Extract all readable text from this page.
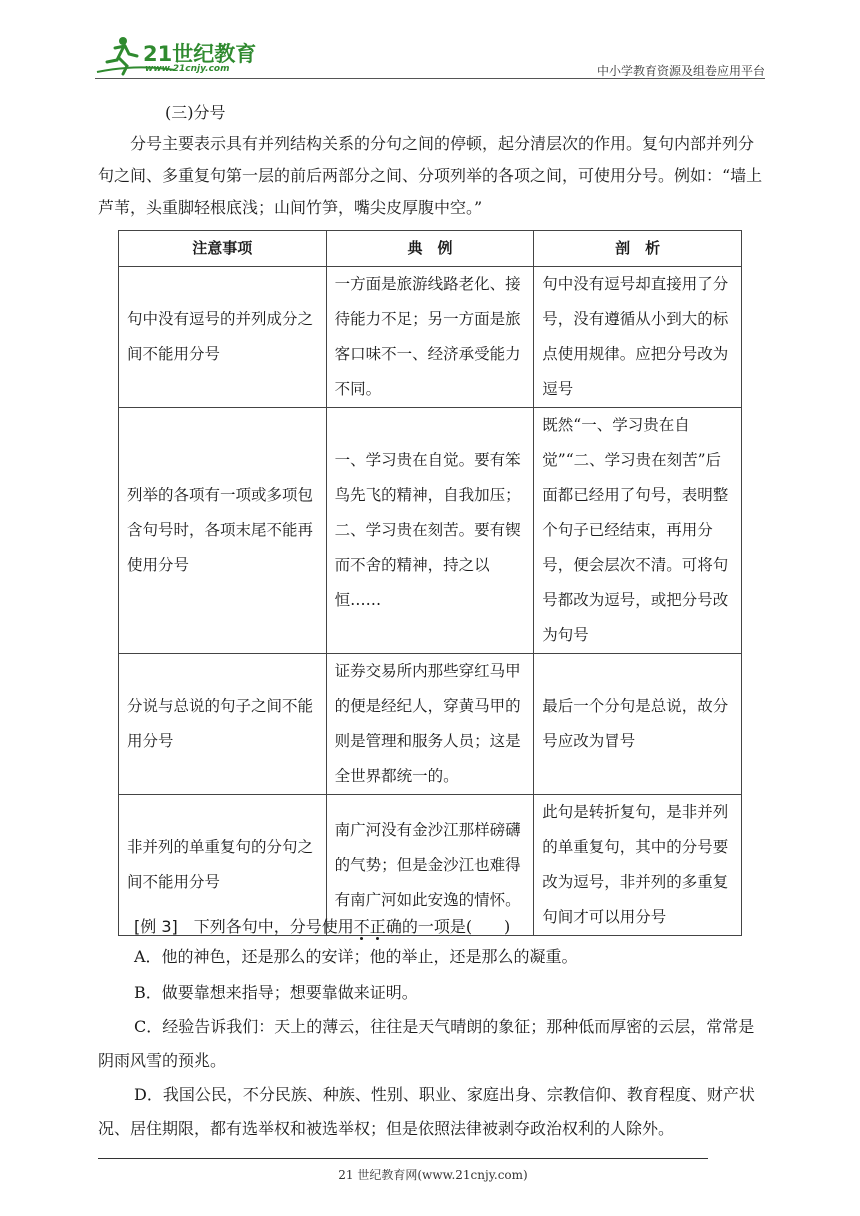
21世纪教育
www.21cnjy.com	中小学教育资源及组卷应用平台
(三)分号
分号主要表示具有并列结构关系的分句之间的停顿，起分清层次的作用。复句内部并列分句之间、多重复句第一层的前后两部分之间、分项列举的各项之间，可使用分号。例如：“墙上芦苇，头重脚轻根底浅；山间竹笋，嘴尖皮厚腹中空。”
注意事项	典　例	剖　析
句中没有逗号的并列成分之间不能用分号	一方面是旅游线路老化、接待能力不足；另一方面是旅客口味不一、经济承受能力不同。	句中没有逗号却直接用了分号，没有遵循从小到大的标点使用规律。应把分号改为逗号
列举的各项有一项或多项包含句号时，各项末尾不能再使用分号	一、学习贵在自觉。要有笨鸟先飞的精神，自我加压；二、学习贵在刻苦。要有锲而不舍的精神，持之以恒……	既然“一、学习贵在自觉”“二、学习贵在刻苦”后面都已经用了句号，表明整个句子已经结束，再用分号，便会层次不清。可将句号都改为逗号，或把分号改为句号
分说与总说的句子之间不能用分号	证券交易所内那些穿红马甲的便是经纪人，穿黄马甲的则是管理和服务人员；这是全世界都统一的。	最后一个分句是总说，故分号应改为冒号
非并列的单重复句的分句之间不能用分号	南广河没有金沙江那样磅礴的气势；但是金沙江也难得有南广河如此安逸的情怀。	此句是转折复句，是非并列的单重复句，其中的分号要改为逗号，非并列的多重复句间才可以用分号
[例 3]　下列各句中，分号使用不正确的一项是(　　)
A．他的神色，还是那么的安详；他的举止，还是那么的凝重。
B．做要靠想来指导；想要靠做来证明。
C．经验告诉我们：天上的薄云，往往是天气晴朗的象征；那种低而厚密的云层，常常是阴雨风雪的预兆。
D．我国公民，不分民族、种族、性别、职业、家庭出身、宗教信仰、教育程度、财产状况、居住期限，都有选举权和被选举权；但是依照法律被剥夺政治权利的人除外。
21 世纪教育网(www.21cnjy.com)
